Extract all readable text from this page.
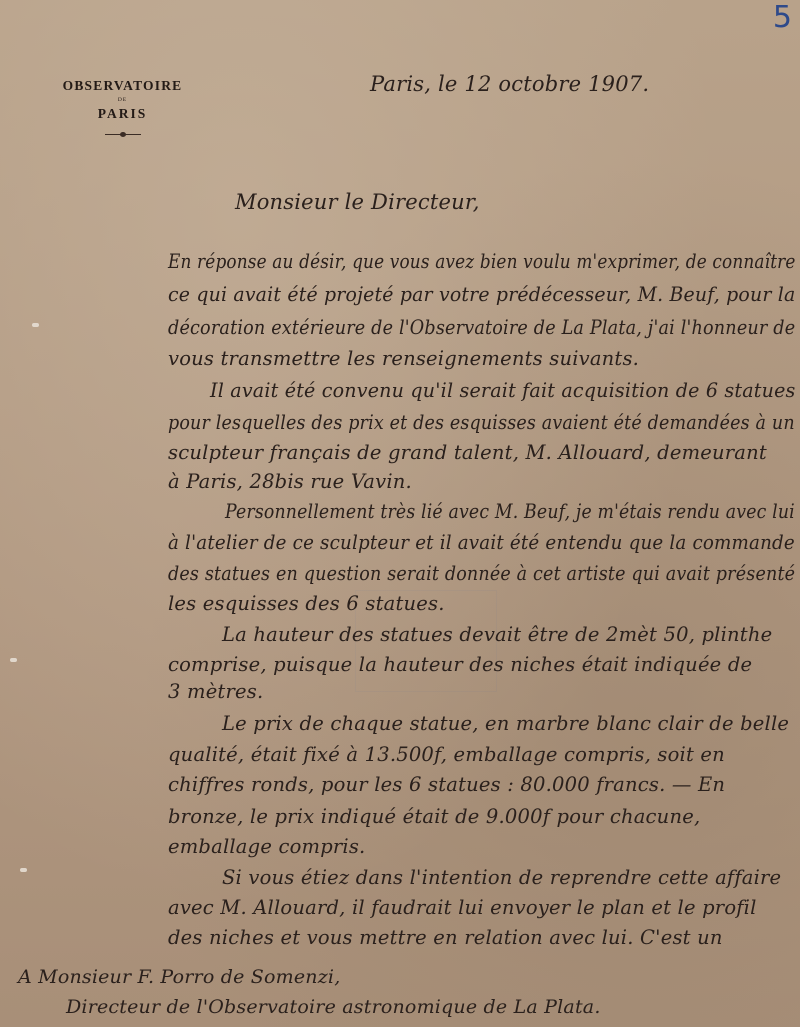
5
OBSERVATOIRE
DE
PARIS
Paris, le 12 octobre 1907.
Monsieur le Directeur,
En réponse au désir, que vous avez bien voulu m'exprimer, de connaître
ce qui avait été projeté par votre prédécesseur, M. Beuf, pour la
décoration extérieure de l'Observatoire de La Plata, j'ai l'honneur de
vous transmettre les renseignements suivants.
Il avait été convenu qu'il serait fait acquisition de 6 statues
pour lesquelles des prix et des esquisses avaient été demandées à un
sculpteur français de grand talent, M. Allouard, demeurant
à Paris, 28bis rue Vavin.
Personnellement très lié avec M. Beuf, je m'étais rendu avec lui
à l'atelier de ce sculpteur et il avait été entendu que la commande
des statues en question serait donnée à cet artiste qui avait présenté
les esquisses des 6 statues.
La hauteur des statues devait être de 2mèt 50, plinthe
comprise, puisque la hauteur des niches était indiquée de
3 mètres.
Le prix de chaque statue, en marbre blanc clair de belle
qualité, était fixé à 13.500f, emballage compris, soit en
chiffres ronds, pour les 6 statues : 80.000 francs. — En
bronze, le prix indiqué était de 9.000f pour chacune,
emballage compris.
Si vous étiez dans l'intention de reprendre cette affaire
avec M. Allouard, il faudrait lui envoyer le plan et le profil
des niches et vous mettre en relation avec lui. C'est un
A Monsieur F. Porro de Somenzi,
Directeur de l'Observatoire astronomique de La Plata.
